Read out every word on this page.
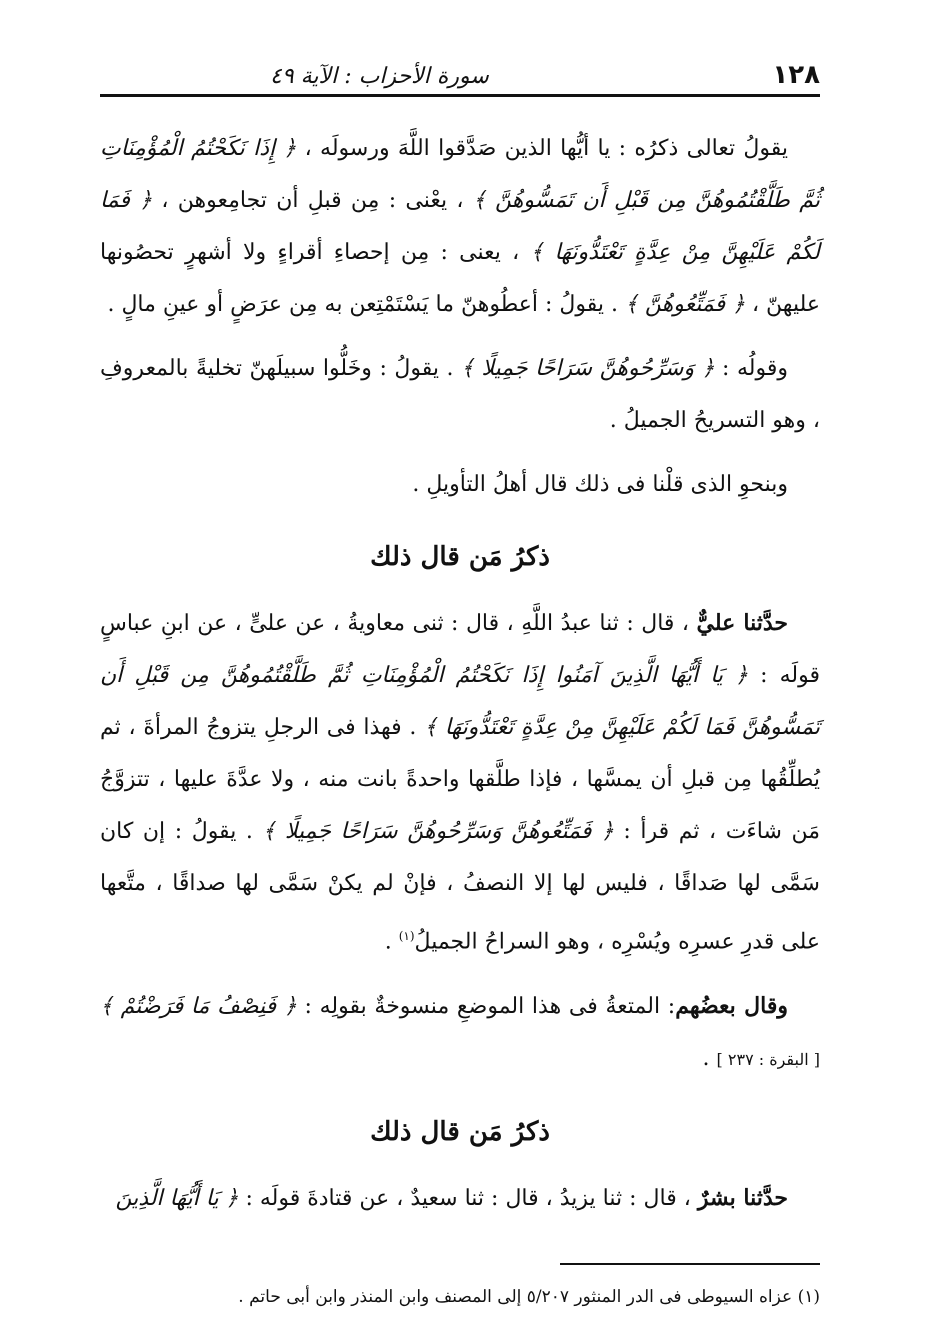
١٢٨
سورة الأحزاب : الآية ٤٩

يقولُ تعالى ذكرُه : يا أيُّها الذين صَدَّقوا اللَّهَ ورسولَه ، ﴿ إِذَا نَكَحْتُمُ الْمُؤْمِنَاتِ ثُمَّ طَلَّقْتُمُوهُنَّ مِن قَبْلِ أَن تَمَسُّوهُنَّ ﴾ ، يعْنى : مِن قبلِ أن تجامِعوهن ، ﴿ فَمَا لَكُمْ عَلَيْهِنَّ مِنْ عِدَّةٍ تَعْتَدُّونَهَا ﴾ ، يعنى : مِن إحصاءِ أقراءٍ ولا أشهرٍ تحصُونها عليهنّ ، ﴿ فَمَتِّعُوهُنَّ ﴾ . يقولُ : أعطُوهنّ ما يَسْتَمْتِعن به مِن عرَضٍ أو عينِ مالٍ .

وقولُه : ﴿ وَسَرِّحُوهُنَّ سَرَاحًا جَمِيلًا ﴾ . يقولُ : وخَلُّوا سبيلَهنّ تخليةً بالمعروفِ ، وهو التسريحُ الجميلُ .

وبنحوِ الذى قلْنا فى ذلك قال أهلُ التأويلِ .

ذكرُ مَن قال ذلك

حدَّثنا عليٌّ ، قال : ثنا عبدُ اللَّهِ ، قال : ثنى معاويةُ ، عن علىٍّ ، عن ابنِ عباسٍ قولَه : ﴿ يَا أَيُّهَا الَّذِينَ آمَنُوا إِذَا نَكَحْتُمُ الْمُؤْمِنَاتِ ثُمَّ طَلَّقْتُمُوهُنَّ مِن قَبْلِ أَن تَمَسُّوهُنَّ فَمَا لَكُمْ عَلَيْهِنَّ مِنْ عِدَّةٍ تَعْتَدُّونَهَا ﴾ . فهذا فى الرجلِ يتزوجُ المرأةَ ، ثم يُطلِّقُها مِن قبلِ أن يمسَّها ، فإذا طلَّقها واحدةً بانت منه ، ولا عدَّةَ عليها ، تتزوَّجُ مَن شاءَت ، ثم قرأ : ﴿ فَمَتِّعُوهُنَّ وَسَرِّحُوهُنَّ سَرَاحًا جَمِيلًا ﴾ . يقولُ : إن كان سَمَّى لها صَداقًا ، فليس لها إلا النصفُ ، فإنْ لم يكنْ سَمَّى لها صداقًا ، متَّعها على قدرِ عسرِه ويُسْرِه ، وهو السراحُ الجميلُ$^{(١)}$ .

وقال بعضُهم: المتعةُ فى هذا الموضعِ منسوخةٌ بقولِه : ﴿ فَنِصْفُ مَا فَرَضْتُمْ ﴾ [ البقرة : ٢٣٧ ] .

ذكرُ مَن قال ذلك

حدَّثنا بشرٌ ، قال : ثنا يزيدُ ، قال : ثنا سعيدٌ ، عن قتادةَ قولَه : ﴿ يَا أَيُّهَا الَّذِينَ

(١) عزاه السيوطى فى الدر المنثور ٥/٢٠٧ إلى المصنف وابن المنذر وابن أبى حاتم .
